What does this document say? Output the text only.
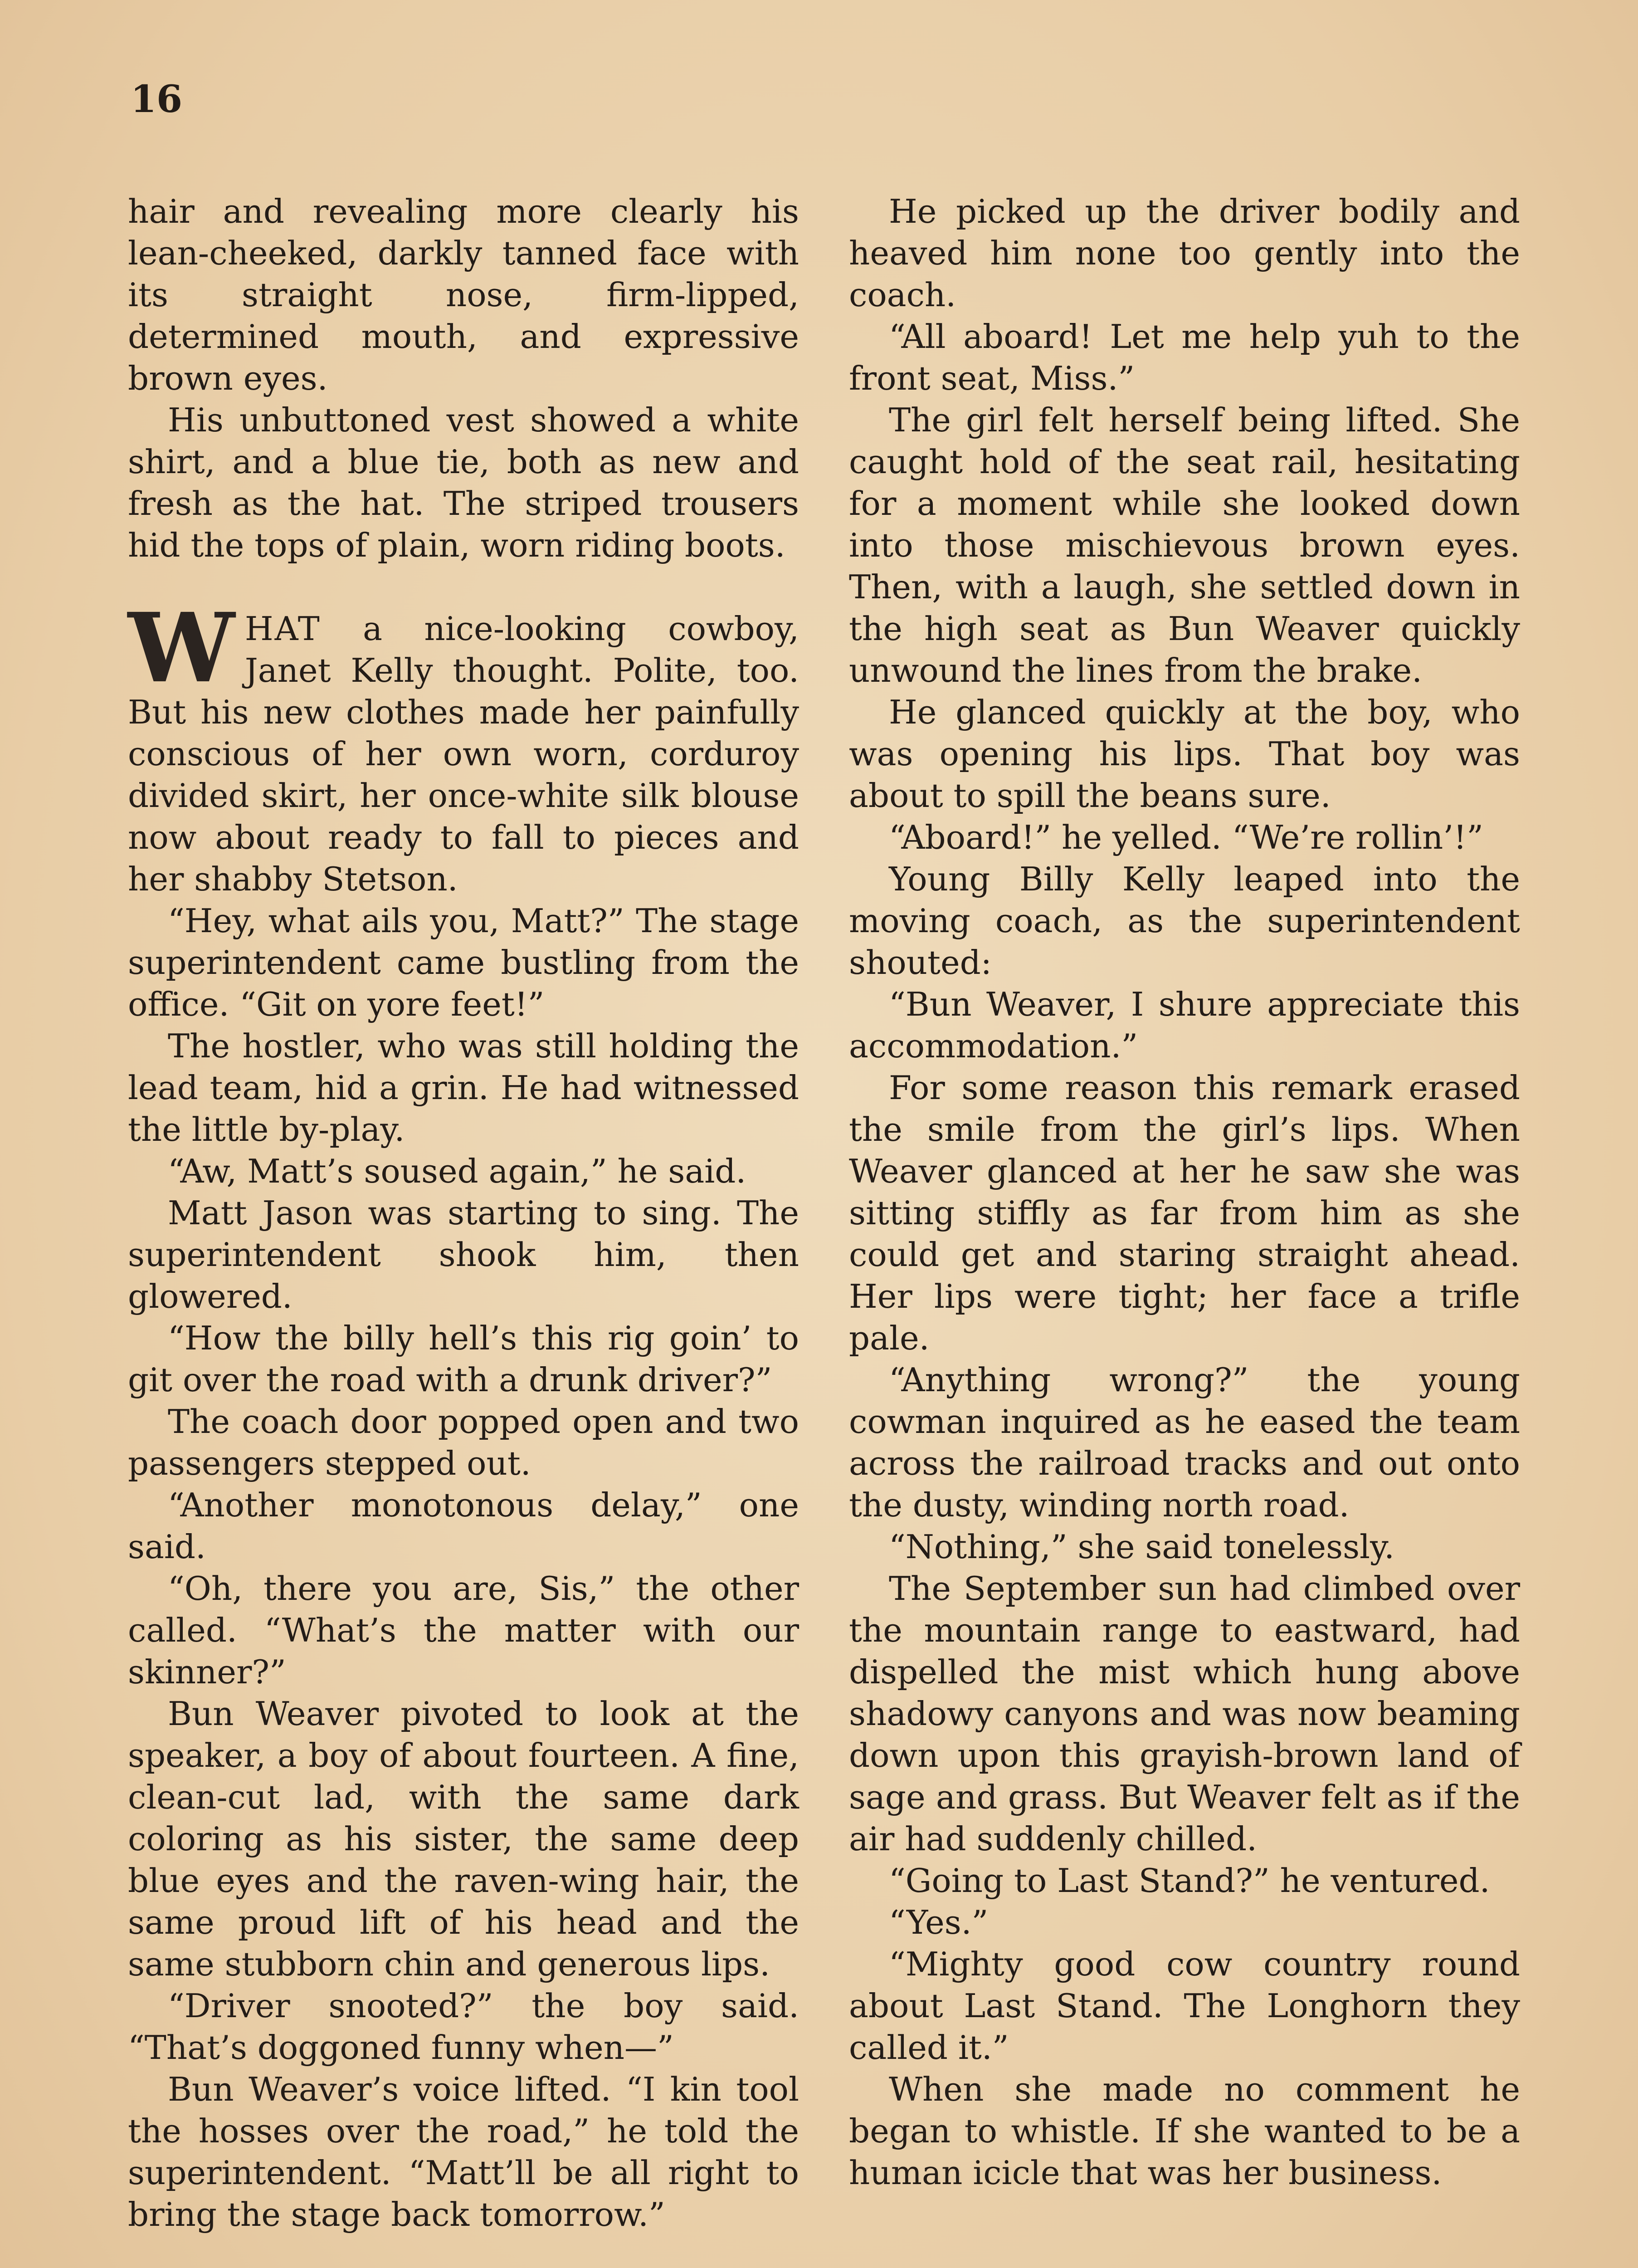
16

hair and revealing more clearly his lean-cheeked, darkly tanned face with its straight nose, firm-lipped, determined mouth, and expressive brown eyes.

His unbuttoned vest showed a white shirt, and a blue tie, both as new and fresh as the hat. The striped trousers hid the tops of plain, worn riding boots.

WHAT a nice-looking cowboy, Janet Kelly thought. Polite, too. But his new clothes made her painfully conscious of her own worn, corduroy divided skirt, her once-white silk blouse now about ready to fall to pieces and her shabby Stetson.

“Hey, what ails you, Matt?” The stage superintendent came bustling from the office. “Git on yore feet!”

The hostler, who was still holding the lead team, hid a grin. He had witnessed the little by-play.

“Aw, Matt’s soused again,” he said.

Matt Jason was starting to sing. The superintendent shook him, then glowered.

“How the billy hell’s this rig goin’ to git over the road with a drunk driver?”

The coach door popped open and two passengers stepped out.

“Another monotonous delay,” one said.

“Oh, there you are, Sis,” the other called. “What’s the matter with our skinner?”

Bun Weaver pivoted to look at the speaker, a boy of about fourteen. A fine, clean-cut lad, with the same dark coloring as his sister, the same deep blue eyes and the raven-wing hair, the same proud lift of his head and the same stubborn chin and generous lips.

“Driver snooted?” the boy said. “That’s doggoned funny when—”

Bun Weaver’s voice lifted. “I kin tool the hosses over the road,” he told the superintendent. “Matt’ll be all right to bring the stage back tomorrow.”

He picked up the driver bodily and heaved him none too gently into the coach.

“All aboard! Let me help yuh to the front seat, Miss.”

The girl felt herself being lifted. She caught hold of the seat rail, hesitating for a moment while she looked down into those mischievous brown eyes. Then, with a laugh, she settled down in the high seat as Bun Weaver quickly unwound the lines from the brake.

He glanced quickly at the boy, who was opening his lips. That boy was about to spill the beans sure.

“Aboard!” he yelled. “We’re rollin’!”

Young Billy Kelly leaped into the moving coach, as the superintendent shouted:

“Bun Weaver, I shure appreciate this accommodation.”

For some reason this remark erased the smile from the girl’s lips. When Weaver glanced at her he saw she was sitting stiffly as far from him as she could get and staring straight ahead. Her lips were tight; her face a trifle pale.

“Anything wrong?” the young cowman inquired as he eased the team across the railroad tracks and out onto the dusty, winding north road.

“Nothing,” she said tonelessly.

The September sun had climbed over the mountain range to eastward, had dispelled the mist which hung above shadowy canyons and was now beaming down upon this grayish-brown land of sage and grass. But Weaver felt as if the air had suddenly chilled.

“Going to Last Stand?” he ventured.

“Yes.”

“Mighty good cow country round about Last Stand. The Longhorn they called it.”

When she made no comment he began to whistle. If she wanted to be a human icicle that was her business.
